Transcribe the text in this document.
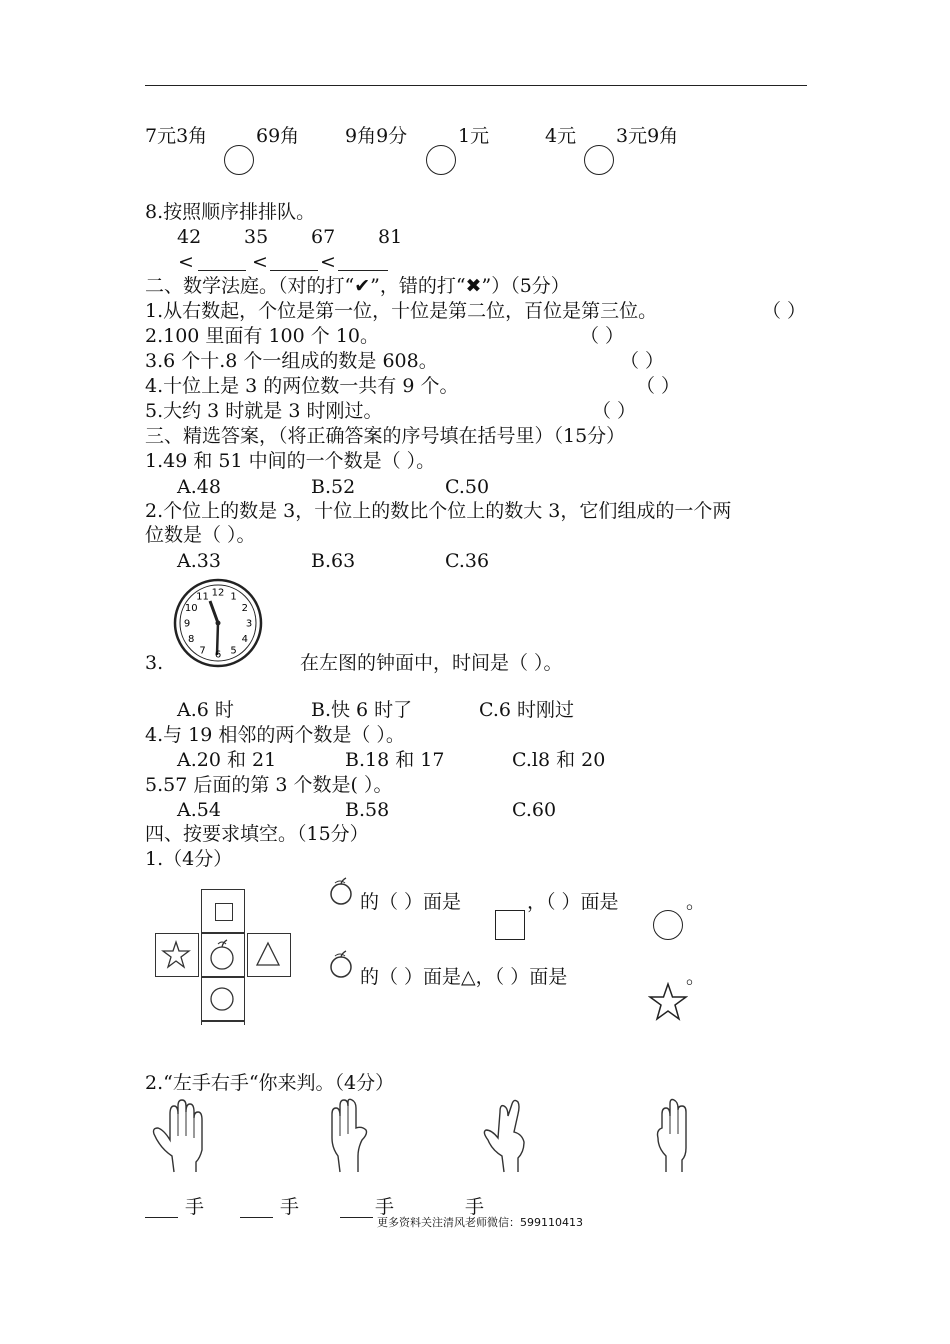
7元3角	69角 9角9分	1元	4元 3元9角
8.按照顺序排排队。
42 35 67 81
<	<	<
二、数学法庭。（对的打“✔”，错的打“✖”）（5分）
1.从右数起，个位是第一位，十位是第二位，百位是第三位。	（ ）
2.100 里面有 100 个 10。	（ ）
3.6 个十.8 个一组成的数是 608。	（ ）
4.十位上是 3 的两位数一共有 9 个。	（ ）
5.大约 3 时就是 3 时刚过。	（ ）
三、精选答案，（将正确答案的序号填在括号里）（15分）
1.49 和 51 中间的一个数是（ ）。
A.48	B.52	C.50
2.个位上的数是 3，十位上的数比个位上的数大 3，它们组成的一个两
位数是（ ）。
A.33	B.63	C.36
12 1
2
3
4
5
6
7
8
9
10
11
3.	在左图的钟面中，时间是（ ）。
A.6 时	B.快 6 时了	C.6 时刚过
4.与 19 相邻的两个数是（ ）。
A.20 和 21	B.18 和 17	C.l8 和 20
5.57 后面的第 3 个数是( ）。
A.54	B.58	C.60
四、按要求填空。（15分）
1.（4分）
的（ ）面是	，（ ）面是	。
的（ ）面是△，（ ）面是	。
2.“左手右手“你来判。（4分）
手	手	手	手
更多资料关注清风老师微信：599110413
